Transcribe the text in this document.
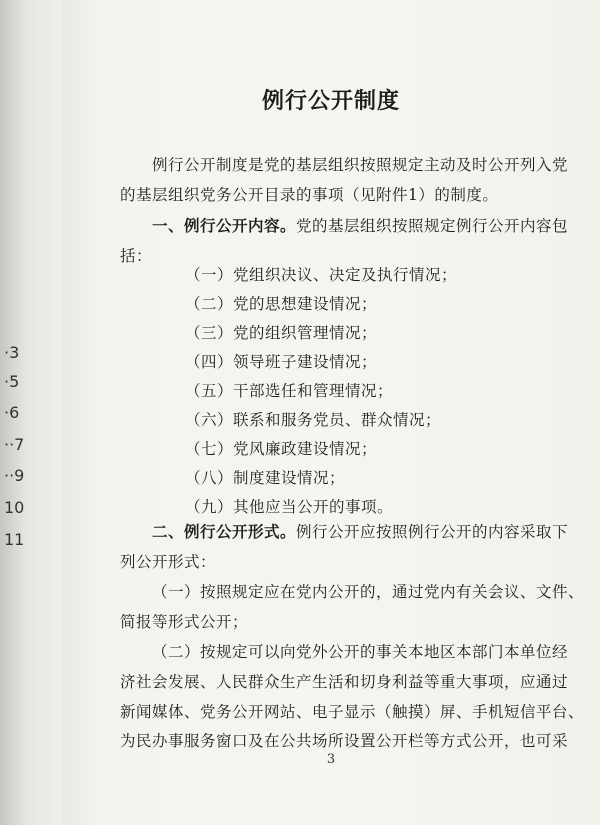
·3
·5
·6
··7
··9
10
11
例行公开制度
例行公开制度是党的基层组织按照规定主动及时公开列入党
的基层组织党务公开目录的事项（见附件1）的制度。
一、例行公开内容。党的基层组织按照规定例行公开内容包
括：
（一）党组织决议、决定及执行情况；
（二）党的思想建设情况；
（三）党的组织管理情况；
（四）领导班子建设情况；
（五）干部选任和管理情况；
（六）联系和服务党员、群众情况；
（七）党风廉政建设情况；
（八）制度建设情况；
（九）其他应当公开的事项。
二、例行公开形式。例行公开应按照例行公开的内容采取下
列公开形式：
（一）按照规定应在党内公开的，通过党内有关会议、文件、
简报等形式公开；
（二）按规定可以向党外公开的事关本地区本部门本单位经
济社会发展、人民群众生产生活和切身利益等重大事项，应通过
新闻媒体、党务公开网站、电子显示（触摸）屏、手机短信平台、
为民办事服务窗口及在公共场所设置公开栏等方式公开，也可采
3
